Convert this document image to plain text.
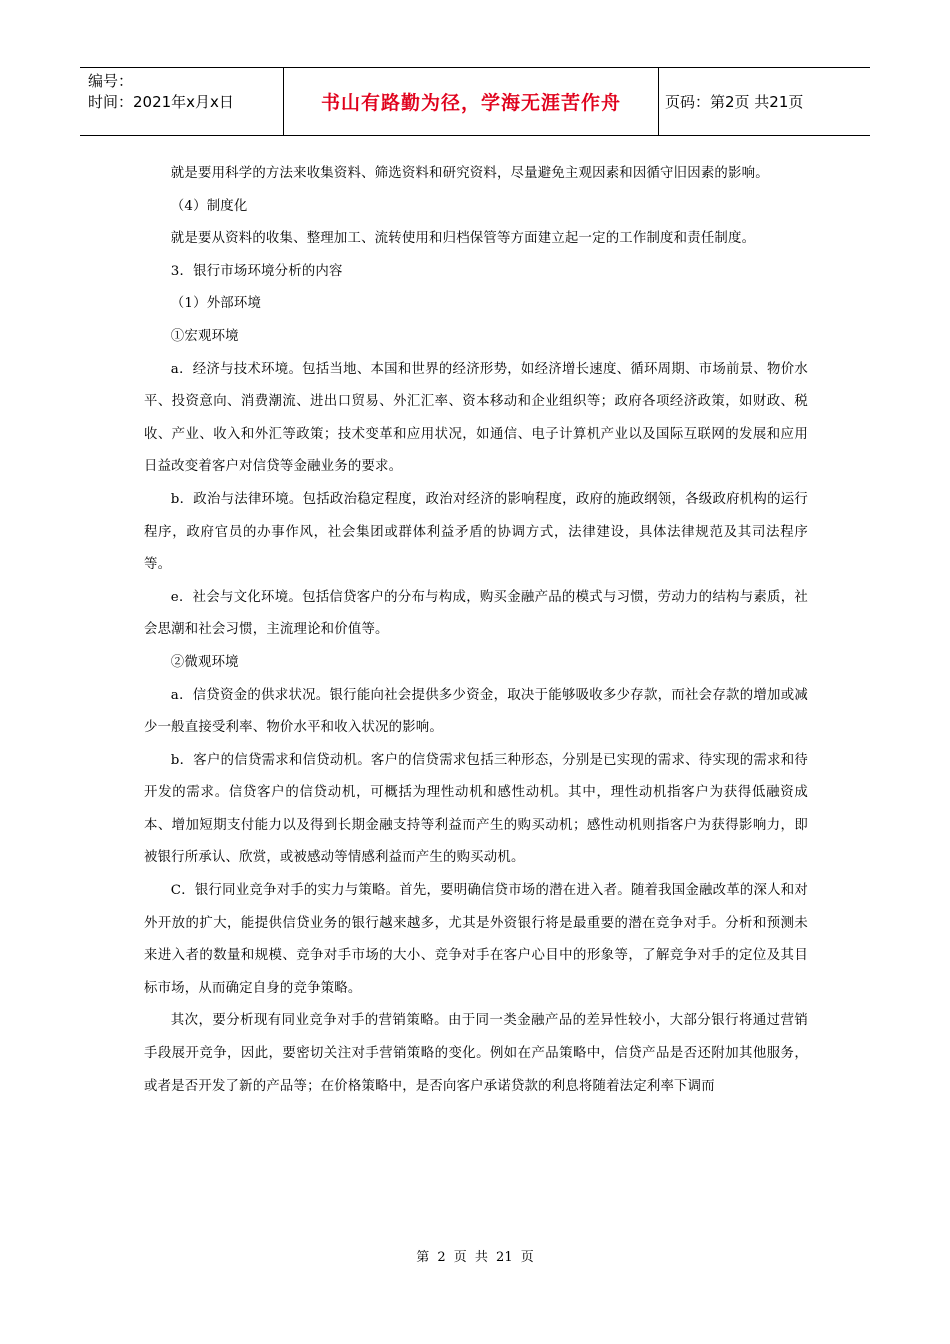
编号：
时间：2021年x月x日	书山有路勤为径，学海无涯苦作舟	页码：第2页 共21页

就是要用科学的方法来收集资料、筛选资料和研究资料，尽量避免主观因素和因循守旧因素的影响。

（4）制度化

就是要从资料的收集、整理加工、流转使用和归档保管等方面建立起一定的工作制度和责任制度。

3．银行市场环境分析的内容

（1）外部环境

①宏观环境

a．经济与技术环境。包括当地、本国和世界的经济形势，如经济增长速度、循环周期、市场前景、物价水平、投资意向、消费潮流、进出口贸易、外汇汇率、资本移动和企业组织等；政府各项经济政策，如财政、税收、产业、收入和外汇等政策；技术变革和应用状况，如通信、电子计算机产业以及国际互联网的发展和应用日益改变着客户对信贷等金融业务的要求。

b．政治与法律环境。包括政治稳定程度，政治对经济的影响程度，政府的施政纲领，各级政府机构的运行程序，政府官员的办事作风，社会集团或群体利益矛盾的协调方式，法律建设，具体法律规范及其司法程序等。

e．社会与文化环境。包括信贷客户的分布与构成，购买金融产品的模式与习惯，劳动力的结构与素质，社会思潮和社会习惯，主流理论和价值等。

②微观环境

a．信贷资金的供求状况。银行能向社会提供多少资金，取决于能够吸收多少存款，而社会存款的增加或减少一般直接受利率、物价水平和收入状况的影响。

b．客户的信贷需求和信贷动机。客户的信贷需求包括三种形态，分别是已实现的需求、待实现的需求和待开发的需求。信贷客户的信贷动机，可概括为理性动机和感性动机。其中，理性动机指客户为获得低融资成本、增加短期支付能力以及得到长期金融支持等利益而产生的购买动机；感性动机则指客户为获得影响力，即被银行所承认、欣赏，或被感动等情感利益而产生的购买动机。

C．银行同业竞争对手的实力与策略。首先，要明确信贷市场的潜在进入者。随着我国金融改革的深人和对外开放的扩大，能提供信贷业务的银行越来越多，尤其是外资银行将是最重要的潜在竞争对手。分析和预测未来进入者的数量和规模、竞争对手市场的大小、竞争对手在客户心目中的形象等，了解竞争对手的定位及其目标市场，从而确定自身的竞争策略。

其次，要分析现有同业竞争对手的营销策略。由于同一类金融产品的差异性较小，大部分银行将通过营销手段展开竞争，因此，要密切关注对手营销策略的变化。例如在产品策略中，信贷产品是否还附加其他服务，或者是否开发了新的产品等；在价格策略中，是否向客户承诺贷款的利息将随着法定利率下调而

第 2 页 共 21 页
